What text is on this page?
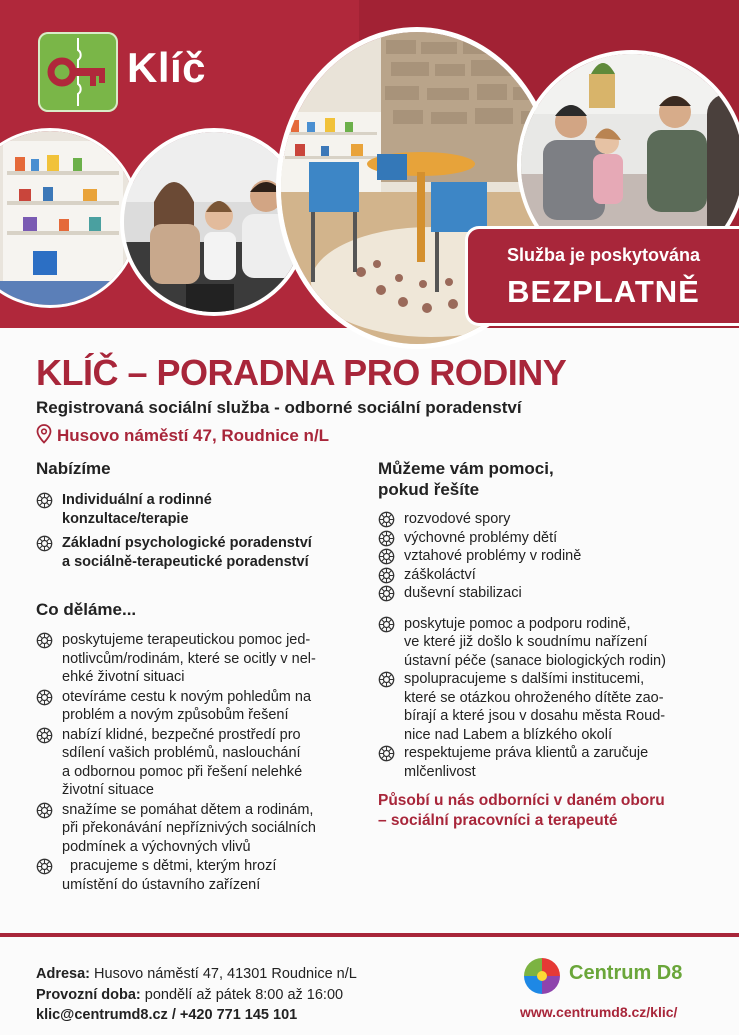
Klíč
Služba je poskytována
BEZPLATNĚ
KLÍČ – PORADNA PRO RODINY
Registrovaná sociální služba - odborné sociální poradenství
Husovo náměstí 47, Roudnice n/L
Nabízíme
Individuální a rodinné
konzultace/terapie
Základní psychologické poradenství
a sociálně-terapeutické poradenství
Co děláme...
poskytujeme terapeutickou pomoc jed-
notlivcům/rodinám, které se ocitly v nel-
ehké životní situaci
otevíráme cestu k novým pohledům na
problém a novým způsobům řešení
nabízí klidné, bezpečné prostředí pro
sdílení vašich problémů, naslouchání
a odbornou pomoc při řešení nelehké
životní situace
snažíme se pomáhat dětem a rodinám,
při překonávání nepříznivých sociálních
podmínek a výchovných vlivů
pracujeme s dětmi, kterým hrozí
umístění do ústavního zařízení
Můžeme vám pomoci,
pokud řešíte
rozvodové spory
výchovné problémy dětí
vztahové problémy v rodině
záškoláctví
duševní stabilizaci
poskytuje pomoc a podporu rodině,
ve které již došlo k soudnímu nařízení
ústavní péče (sanace biologických rodin)
spolupracujeme s dalšími institucemi,
které se otázkou ohroženého dítěte zao-
bírají a které jsou v dosahu města Roud-
nice nad Labem a blízkého okolí
respektujeme práva klientů a zaručuje
mlčenlivost
Působí u nás odborníci v daném oboru
– sociální pracovníci a terapeuté
Adresa: Husovo náměstí 47, 41301 Roudnice n/L
Provozní doba: pondělí až pátek 8:00 až 16:00
klic@centrumd8.cz / +420 771 145 101
Centrum D8
www.centrumd8.cz/klic/
